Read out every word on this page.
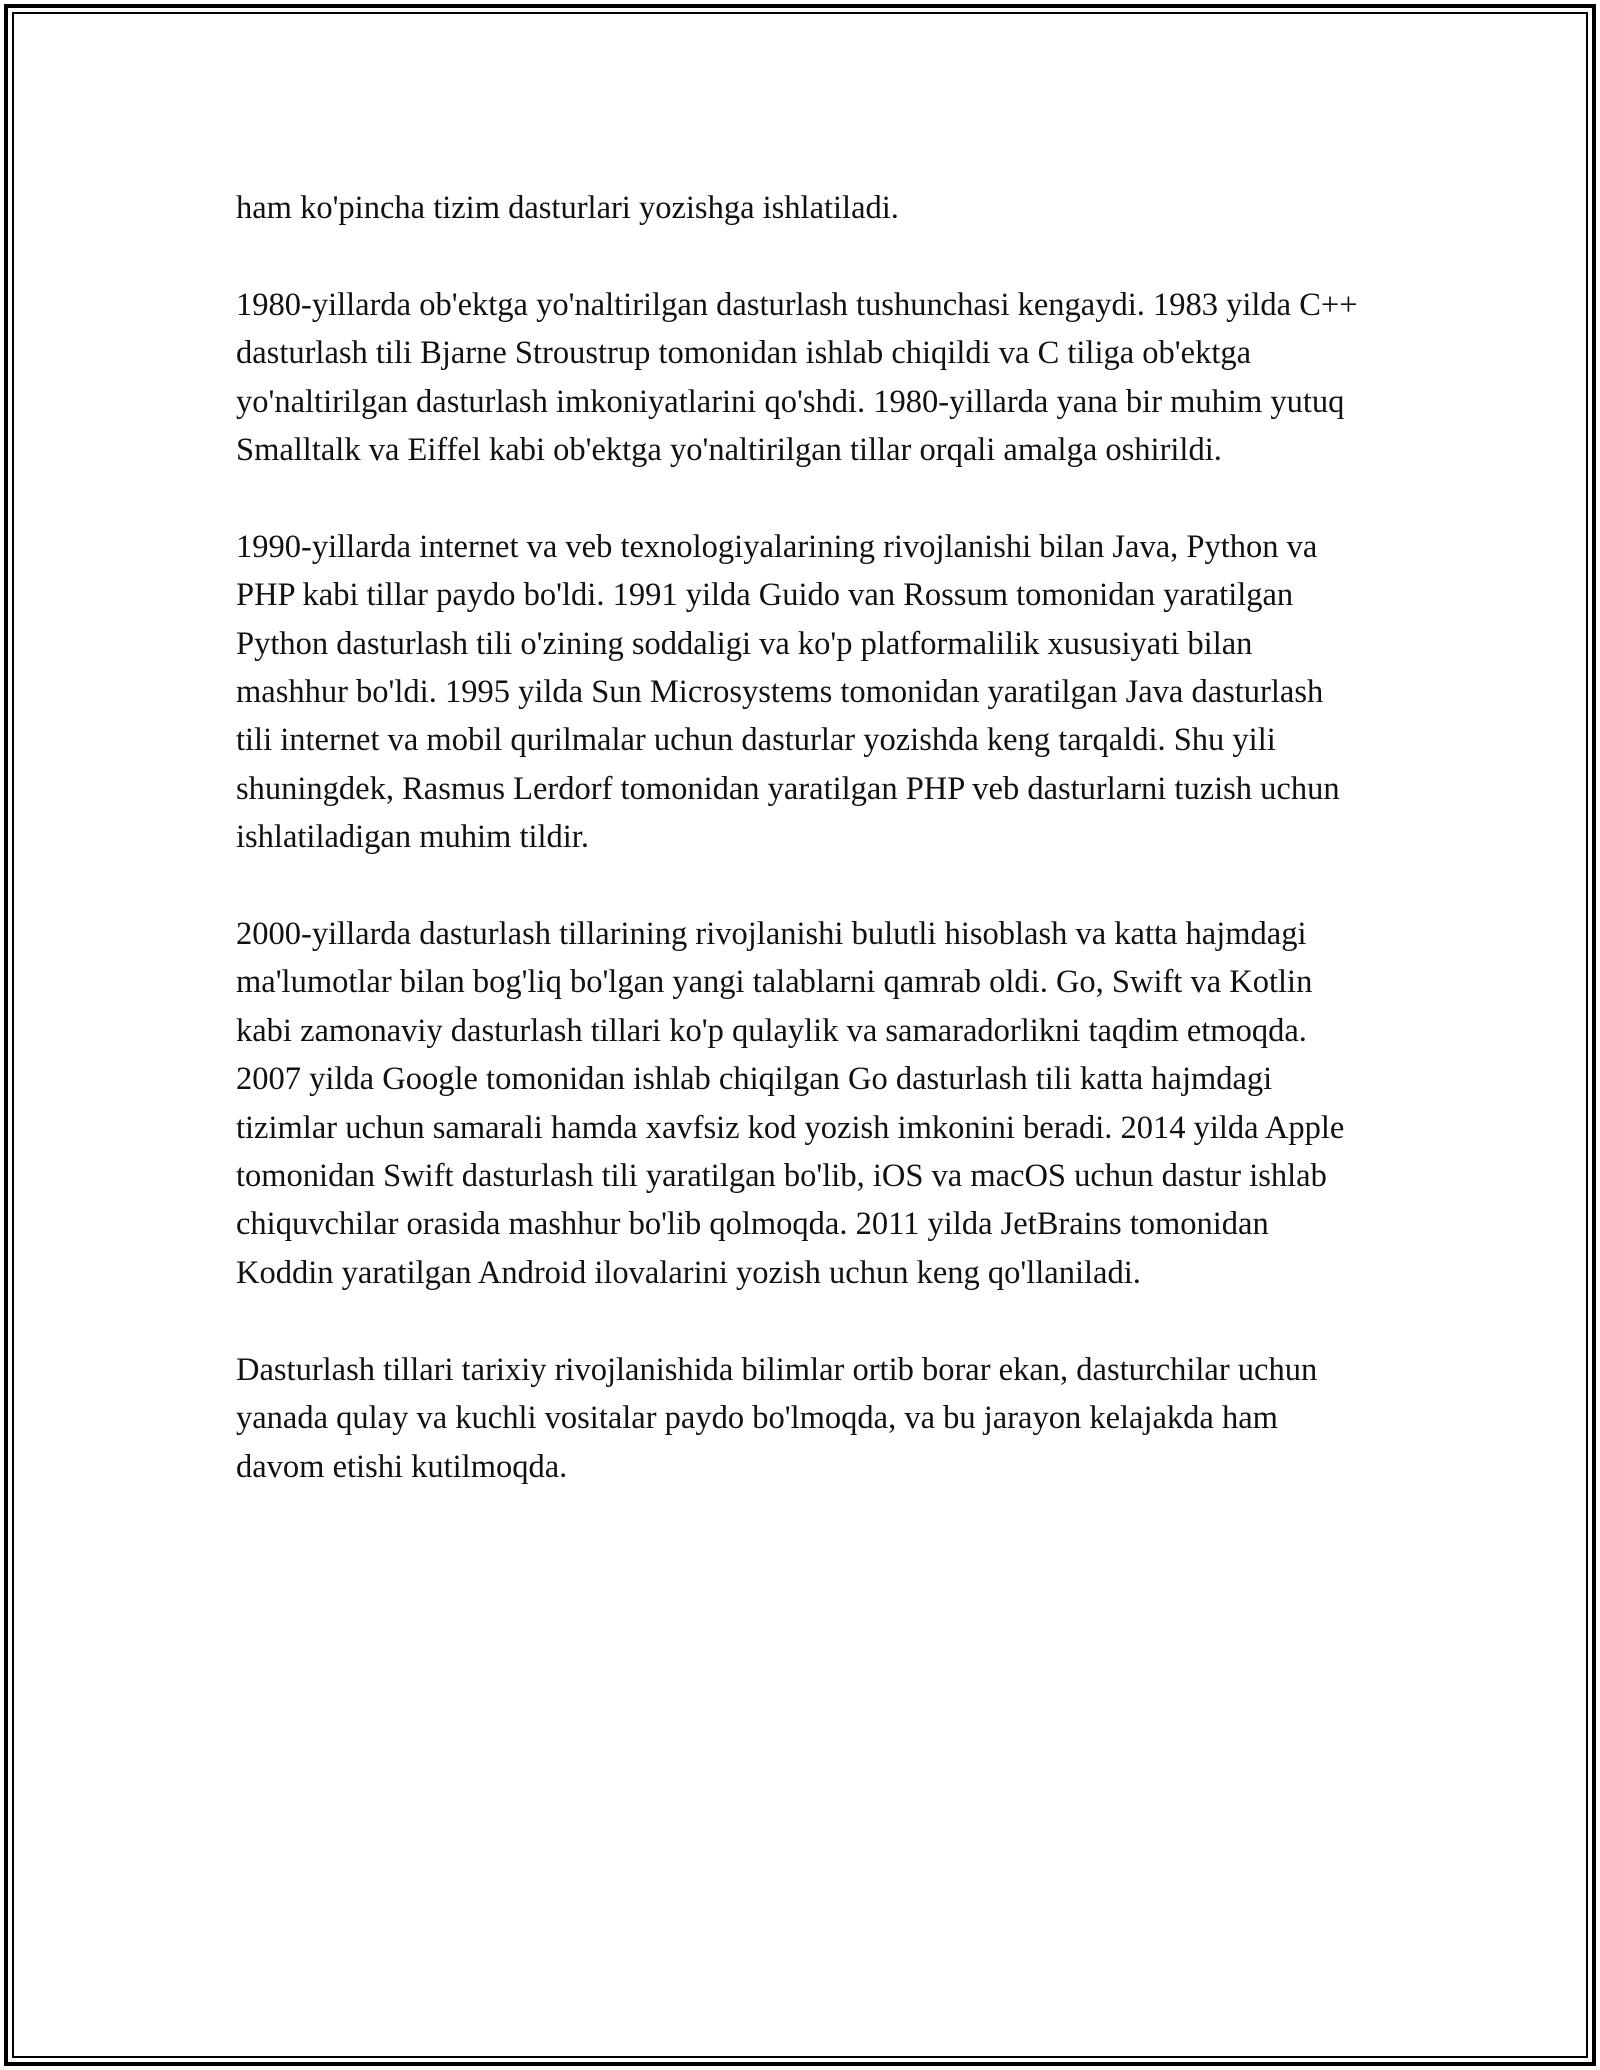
ham ko'pincha tizim dasturlari yozishga ishlatiladi.

1980-yillarda ob'ektga yo'naltirilgan dasturlash tushunchasi kengaydi. 1983 yilda C++ dasturlash tili Bjarne Stroustrup tomonidan ishlab chiqildi va C tiliga ob'ektga yo'naltirilgan dasturlash imkoniyatlarini qo'shdi. 1980-yillarda yana bir muhim yutuq Smalltalk va Eiffel kabi ob'ektga yo'naltirilgan tillar orqali amalga oshirildi.

1990-yillarda internet va veb texnologiyalarining rivojlanishi bilan Java, Python va PHP kabi tillar paydo bo'ldi. 1991 yilda Guido van Rossum tomonidan yaratilgan Python dasturlash tili o'zining soddaligi va ko'p platformalilik xususiyati bilan mashhur bo'ldi. 1995 yilda Sun Microsystems tomonidan yaratilgan Java dasturlash tili internet va mobil qurilmalar uchun dasturlar yozishda keng tarqaldi. Shu yili shuningdek, Rasmus Lerdorf tomonidan yaratilgan PHP veb dasturlarni tuzish uchun ishlatiladigan muhim tildir.

2000-yillarda dasturlash tillarining rivojlanishi bulutli hisoblash va katta hajmdagi ma'lumotlar bilan bog'liq bo'lgan yangi talablarni qamrab oldi. Go, Swift va Kotlin kabi zamonaviy dasturlash tillari ko'p qulaylik va samaradorlikni taqdim etmoqda. 2007 yilda Google tomonidan ishlab chiqilgan Go dasturlash tili katta hajmdagi tizimlar uchun samarali hamda xavfsiz kod yozish imkonini beradi. 2014 yilda Apple tomonidan Swift dasturlash tili yaratilgan bo'lib, iOS va macOS uchun dastur ishlab chiquvchilar orasida mashhur bo'lib qolmoqda. 2011 yilda JetBrains tomonidan Koddin yaratilgan Android ilovalarini yozish uchun keng qo'llaniladi.

Dasturlash tillari tarixiy rivojlanishida bilimlar ortib borar ekan, dasturchilar uchun yanada qulay va kuchli vositalar paydo bo'lmoqda, va bu jarayon kelajakda ham davom etishi kutilmoqda.
